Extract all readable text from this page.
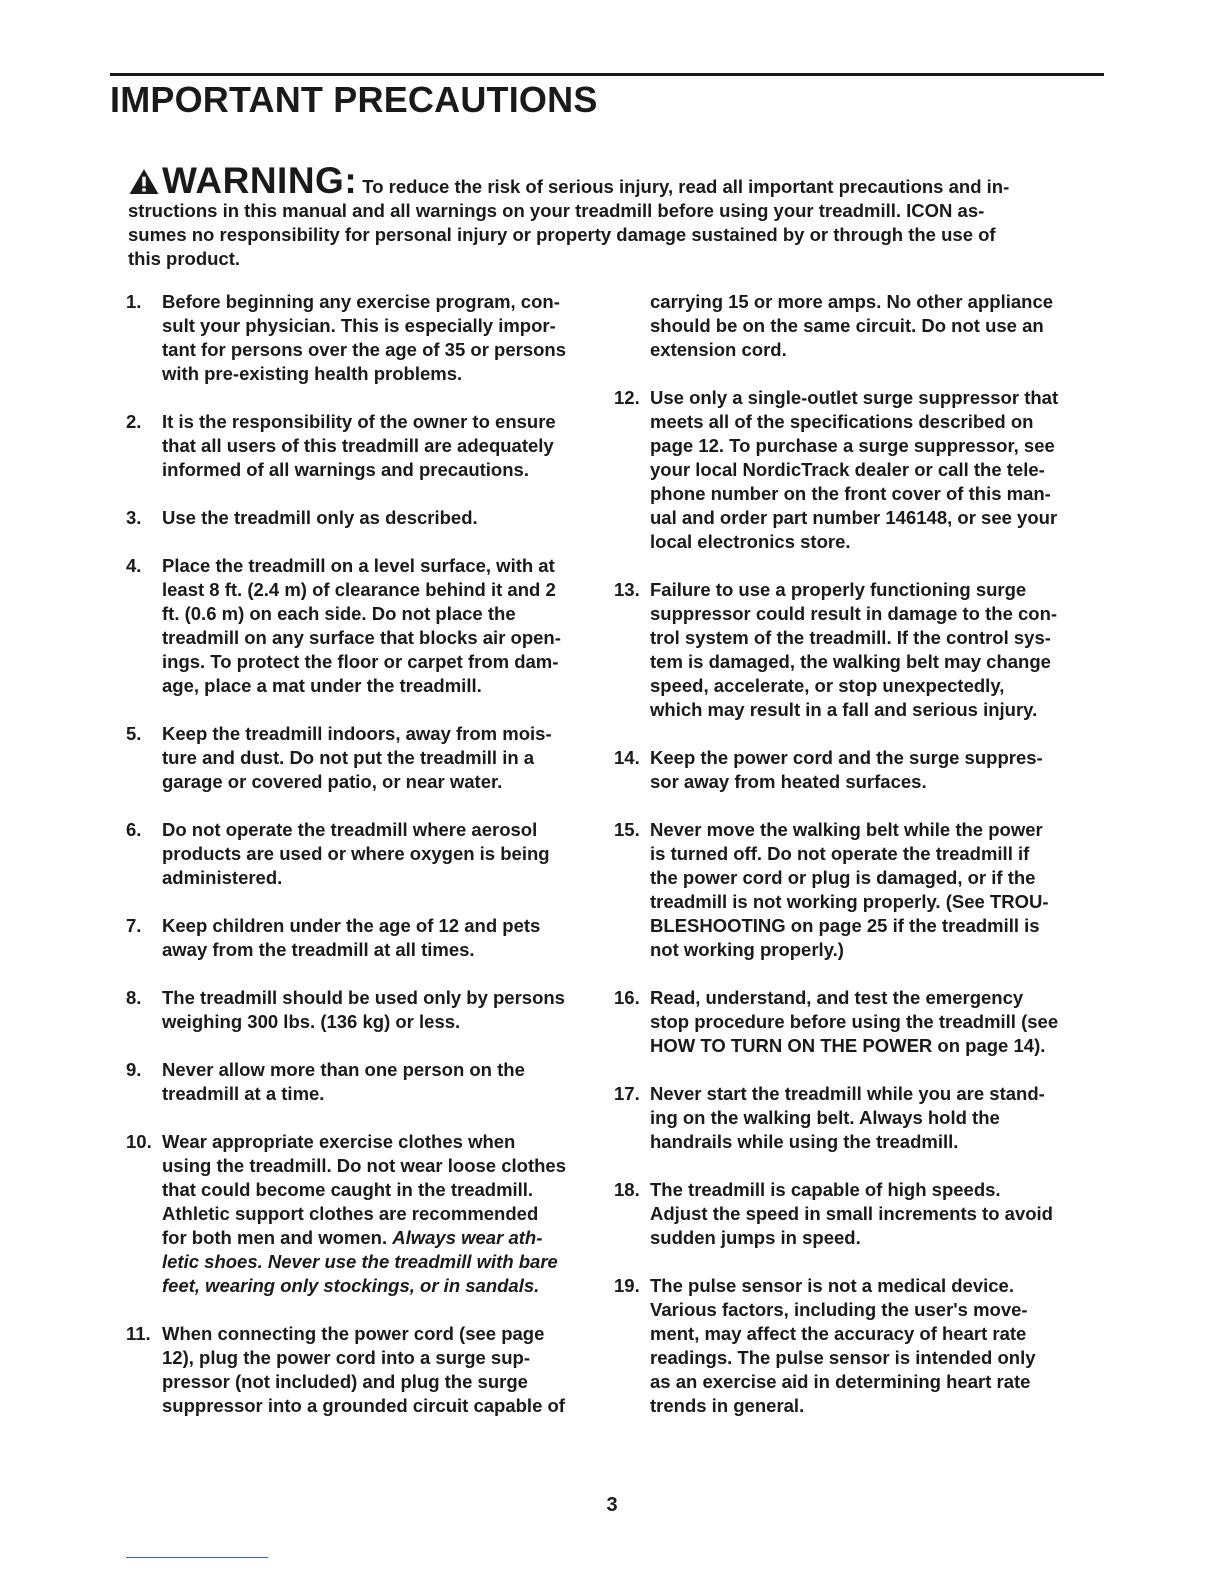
IMPORTANT PRECAUTIONS
WARNING: To reduce the risk of serious injury, read all important precautions and in-
structions in this manual and all warnings on your treadmill before using your treadmill. ICON as-
sumes no responsibility for personal injury or property damage sustained by or through the use of
this product.
1.	Before beginning any exercise program, con-
sult your physician. This is especially impor-
tant for persons over the age of 35 or persons
with pre-existing health problems.
2.	It is the responsibility of the owner to ensure
that all users of this treadmill are adequately
informed of all warnings and precautions.
3.	Use the treadmill only as described.
4.	Place the treadmill on a level surface, with at
least 8 ft. (2.4 m) of clearance behind it and 2
ft. (0.6 m) on each side. Do not place the
treadmill on any surface that blocks air open-
ings. To protect the floor or carpet from dam-
age, place a mat under the treadmill.
5.	Keep the treadmill indoors, away from mois-
ture and dust. Do not put the treadmill in a
garage or covered patio, or near water.
6.	Do not operate the treadmill where aerosol
products are used or where oxygen is being
administered.
7.	Keep children under the age of 12 and pets
away from the treadmill at all times.
8.	The treadmill should be used only by persons
weighing 300 lbs. (136 kg) or less.
9.	Never allow more than one person on the
treadmill at a time.
10. Wear appropriate exercise clothes when
using the treadmill. Do not wear loose clothes
that could become caught in the treadmill.
Athletic support clothes are recommended
for both men and women. Always wear ath-
letic shoes. Never use the treadmill with bare
feet, wearing only stockings, or in sandals.
11. When connecting the power cord (see page
12), plug the power cord into a surge sup-
pressor (not included) and plug the surge
suppressor into a grounded circuit capable of
carrying 15 or more amps. No other appliance
should be on the same circuit. Do not use an
extension cord.
12. Use only a single-outlet surge suppressor that
meets all of the specifications described on
page 12. To purchase a surge suppressor, see
your local NordicTrack dealer or call the tele-
phone number on the front cover of this man-
ual and order part number 146148, or see your
local electronics store.
13. Failure to use a properly functioning surge
suppressor could result in damage to the con-
trol system of the treadmill. If the control sys-
tem is damaged, the walking belt may change
speed, accelerate, or stop unexpectedly,
which may result in a fall and serious injury.
14. Keep the power cord and the surge suppres-
sor away from heated surfaces.
15. Never move the walking belt while the power
is turned off. Do not operate the treadmill if
the power cord or plug is damaged, or if the
treadmill is not working properly. (See TROU-
BLESHOOTING on page 25 if the treadmill is
not working properly.)
16. Read, understand, and test the emergency
stop procedure before using the treadmill (see
HOW TO TURN ON THE POWER on page 14).
17. Never start the treadmill while you are stand-
ing on the walking belt. Always hold the
handrails while using the treadmill.
18. The treadmill is capable of high speeds.
Adjust the speed in small increments to avoid
sudden jumps in speed.
19. The pulse sensor is not a medical device.
Various factors, including the user's move-
ment, may affect the accuracy of heart rate
readings. The pulse sensor is intended only
as an exercise aid in determining heart rate
trends in general.
3
